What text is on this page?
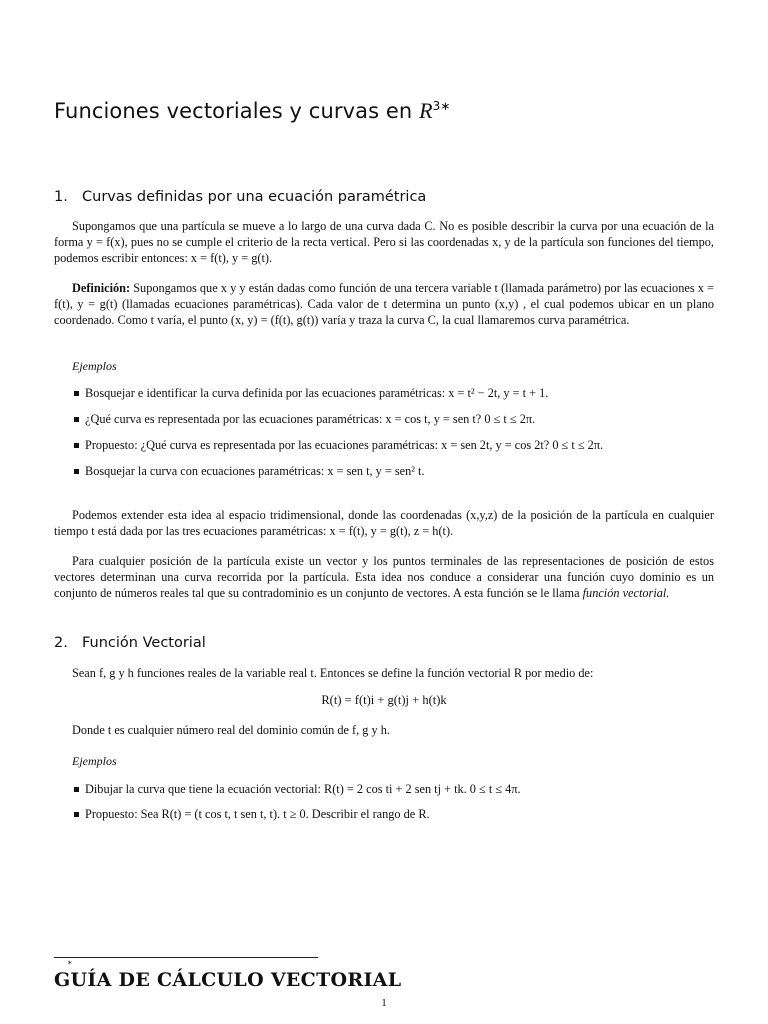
Funciones vectoriales y curvas en $R^{3∗}$
1. Curvas definidas por una ecuación paramétrica
Supongamos que una partícula se mueve a lo largo de una curva dada C. No es posible describir la curva por una ecuación de la forma y = f(x), pues no se cumple el criterio de la recta vertical. Pero si las coordenadas x, y de la partícula son funciones del tiempo, podemos escribir entonces: x = f(t), y = g(t).
Definición: Supongamos que x y y están dadas como función de una tercera variable t (llamada parámetro) por las ecuaciones x = f(t), y = g(t) (llamadas ecuaciones paramétricas). Cada valor de t determina un punto (x,y) , el cual podemos ubicar en un plano coordenado. Como t varía, el punto (x, y) = (f(t), g(t)) varía y traza la curva C, la cual llamaremos curva paramétrica.
Ejemplos
Bosquejar e identificar la curva definida por las ecuaciones paramétricas: x = t² − 2t, y = t + 1.
¿Qué curva es representada por las ecuaciones paramétricas: x = cos t, y = sen t? 0 ≤ t ≤ 2π.
Propuesto: ¿Qué curva es representada por las ecuaciones paramétricas: x = sen 2t, y = cos 2t? 0 ≤ t ≤ 2π.
Bosquejar la curva con ecuaciones paramétricas: x = sen t, y = sen² t.
Podemos extender esta idea al espacio tridimensional, donde las coordenadas (x,y,z) de la posición de la partícula en cualquier tiempo t está dada por las tres ecuaciones paramétricas: x = f(t), y = g(t), z = h(t).
Para cualquier posición de la partícula existe un vector y los puntos terminales de las representaciones de posición de estos vectores determinan una curva recorrida por la partícula. Esta idea nos conduce a considerar una función cuyo dominio es un conjunto de números reales tal que su contradominio es un conjunto de vectores. A esta función se le llama función vectorial.
2. Función Vectorial
Sean f, g y h funciones reales de la variable real t. Entonces se define la función vectorial R por medio de:
R(t) = f(t)i + g(t)j + h(t)k
Donde t es cualquier número real del dominio común de f, g y h.
Ejemplos
Dibujar la curva que tiene la ecuación vectorial: R(t) = 2 cos ti + 2 sen tj + tk. 0 ≤ t ≤ 4π.
Propuesto: Sea R(t) = (t cos t, t sen t, t). t ≥ 0. Describir el rango de R.
∗
GUÍA DE CÁLCULO VECTORIAL
1
